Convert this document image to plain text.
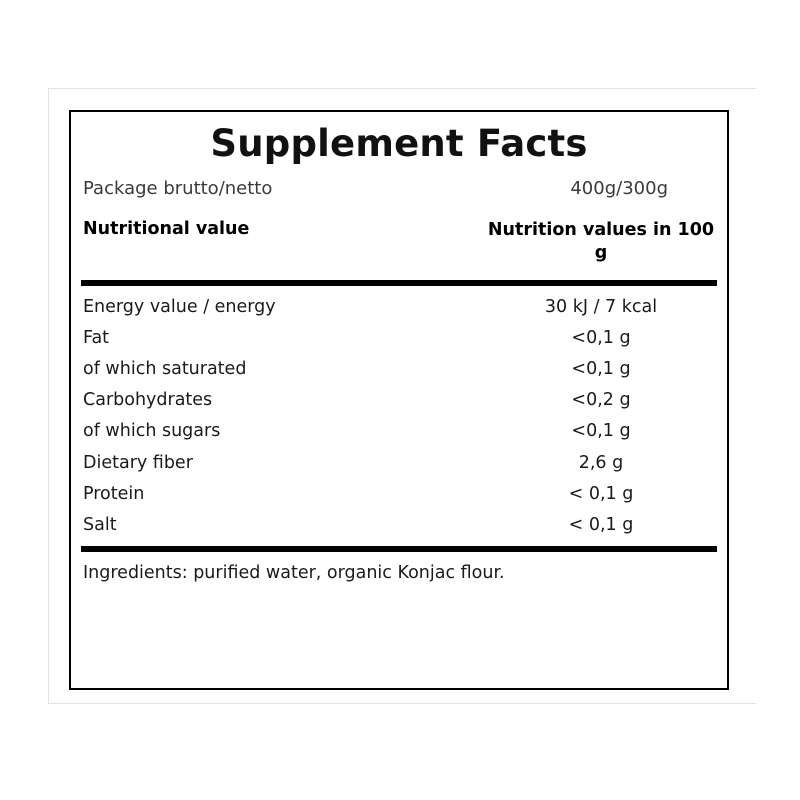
Supplement Facts
Package brutto/netto	400g/300g
Nutritional value	Nutrition values in 100 g
Energy value / energy	30 kJ / 7 kcal
Fat	<0,1 g
of which saturated	<0,1 g
Carbohydrates	<0,2 g
of which sugars	<0,1 g
Dietary fiber	2,6 g
Protein	< 0,1 g
Salt	< 0,1 g
Ingredients: purified water, organic Konjac flour.
